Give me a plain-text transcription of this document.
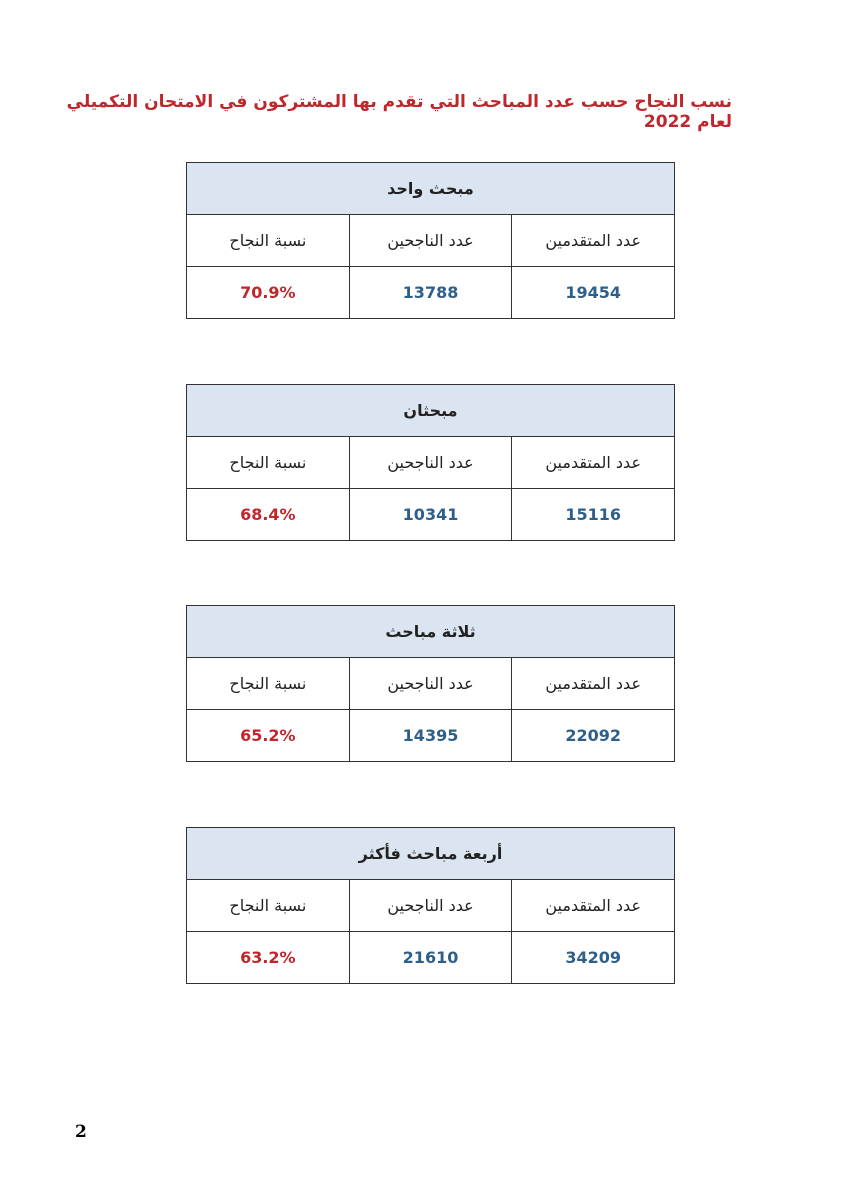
نسب النجاح حسب عدد المباحث التي تقدم بها المشتركون في الامتحان التكميلي لعام 2022
مبحث واحد		
عدد المتقدمين	عدد الناجحين	نسبة النجاح
19454	13788	70.9%
مبحثان		
عدد المتقدمين	عدد الناجحين	نسبة النجاح
15116	10341	68.4%
ثلاثة مباحث		
عدد المتقدمين	عدد الناجحين	نسبة النجاح
22092	14395	65.2%
أربعة مباحث فأكثر		
عدد المتقدمين	عدد الناجحين	نسبة النجاح
34209	21610	63.2%
2
